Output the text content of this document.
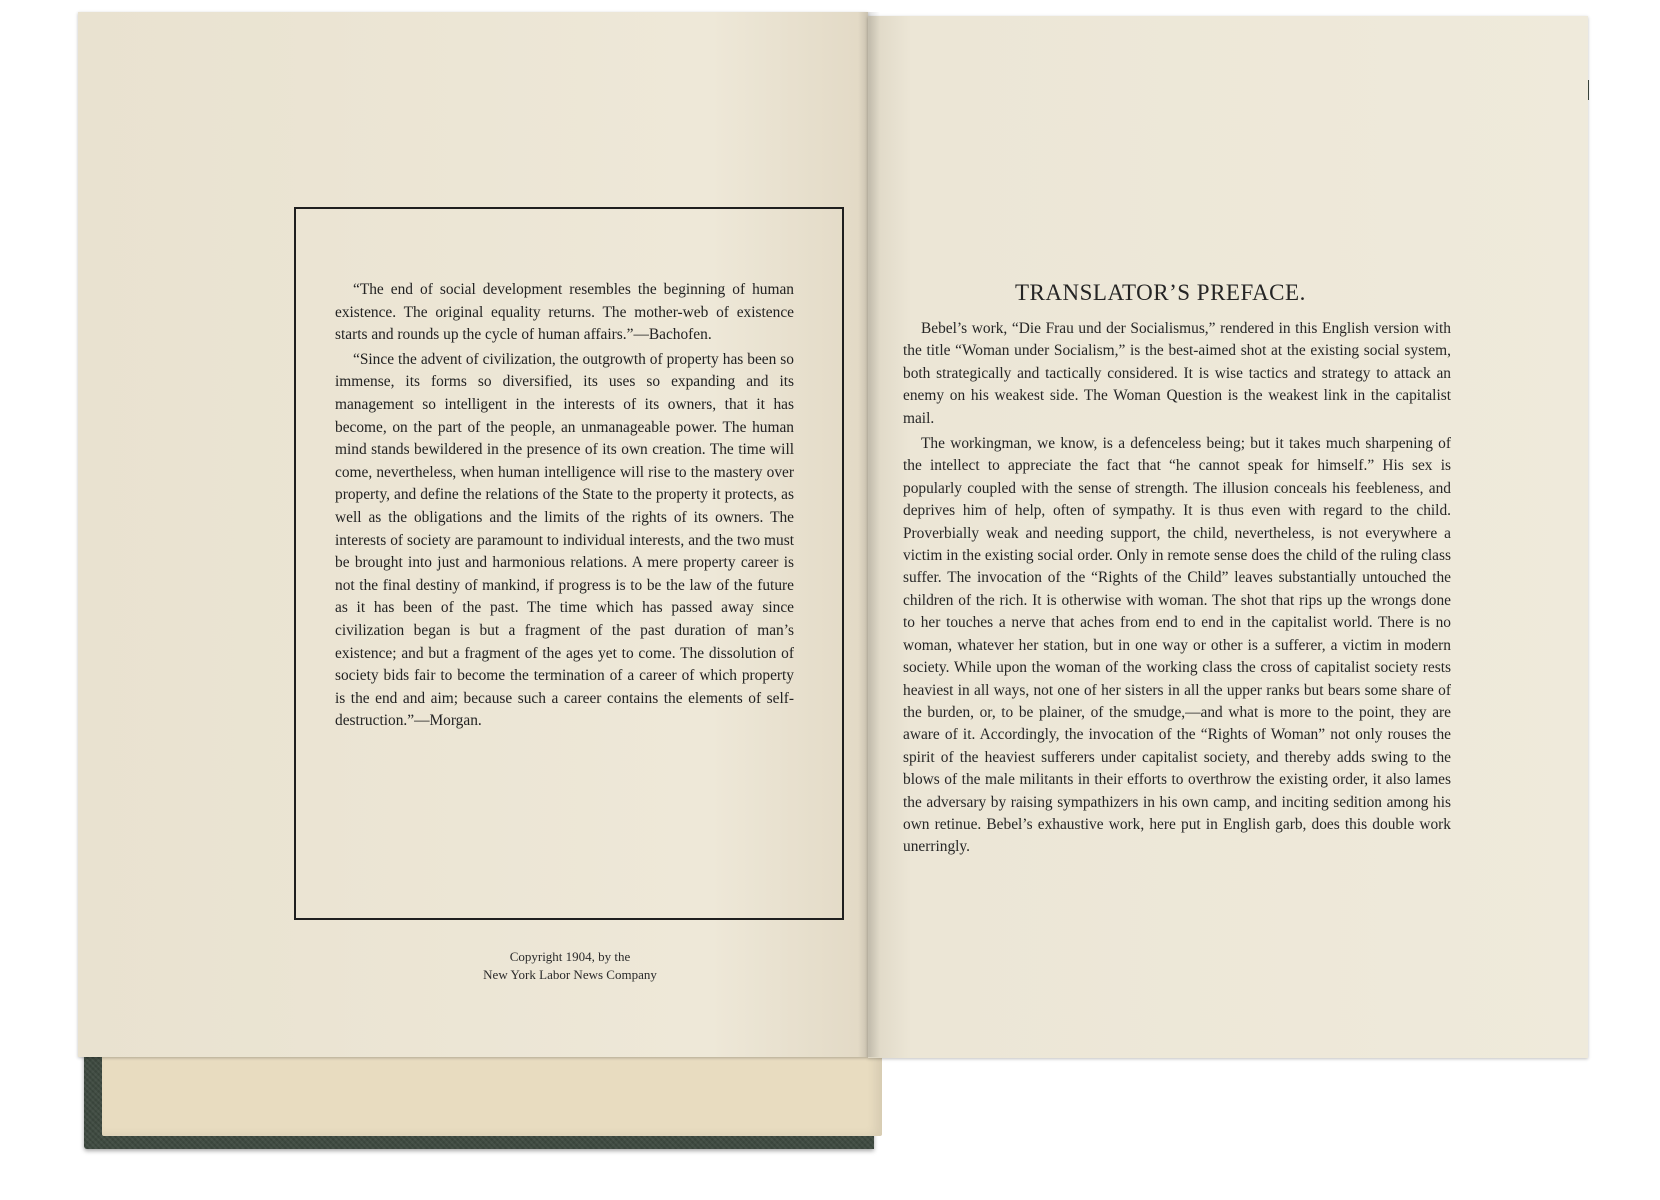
“The end of social development resembles the beginning of human existence. The original equality returns. The mother-web of existence starts and rounds up the cycle of human affairs.”—Bachofen.

“Since the advent of civilization, the outgrowth of property has been so immense, its forms so diversified, its uses so expanding and its management so intelligent in the interests of its owners, that it has become, on the part of the people, an unmanageable power. The human mind stands bewildered in the presence of its own creation. The time will come, nevertheless, when human intelligence will rise to the mastery over property, and define the relations of the State to the property it protects, as well as the obligations and the limits of the rights of its owners. The interests of society are paramount to individual interests, and the two must be brought into just and harmonious relations. A mere property career is not the final destiny of mankind, if progress is to be the law of the future as it has been of the past. The time which has passed away since civilization began is but a fragment of the past duration of man’s existence; and but a fragment of the ages yet to come. The dissolution of society bids fair to become the termination of a career of which property is the end and aim; because such a career contains the elements of self-destruction.”—Morgan.

Copyright 1904, by the
New York Labor News Company
TRANSLATOR’S PREFACE.

Bebel’s work, “Die Frau und der Socialismus,” rendered in this English version with the title “Woman under Socialism,” is the best-aimed shot at the existing social system, both strategically and tactically considered. It is wise tactics and strategy to attack an enemy on his weakest side. The Woman Question is the weakest link in the capitalist mail.

The workingman, we know, is a defenceless being; but it takes much sharpening of the intellect to appreciate the fact that “he cannot speak for himself.” His sex is popularly coupled with the sense of strength. The illusion conceals his feebleness, and deprives him of help, often of sympathy. It is thus even with regard to the child. Proverbially weak and needing support, the child, nevertheless, is not everywhere a victim in the existing social order. Only in remote sense does the child of the ruling class suffer. The invocation of the “Rights of the Child” leaves substantially untouched the children of the rich. It is otherwise with woman. The shot that rips up the wrongs done to her touches a nerve that aches from end to end in the capitalist world. There is no woman, whatever her station, but in one way or other is a sufferer, a victim in modern society. While upon the woman of the working class the cross of capitalist society rests heaviest in all ways, not one of her sisters in all the upper ranks but bears some share of the burden, or, to be plainer, of the smudge,—and what is more to the point, they are aware of it. Accordingly, the invocation of the “Rights of Woman” not only rouses the spirit of the heaviest sufferers under capitalist society, and thereby adds swing to the blows of the male militants in their efforts to overthrow the existing order, it also lames the adversary by raising sympathizers in his own camp, and inciting sedition among his own retinue. Bebel’s exhaustive work, here put in English garb, does this double work unerringly.
